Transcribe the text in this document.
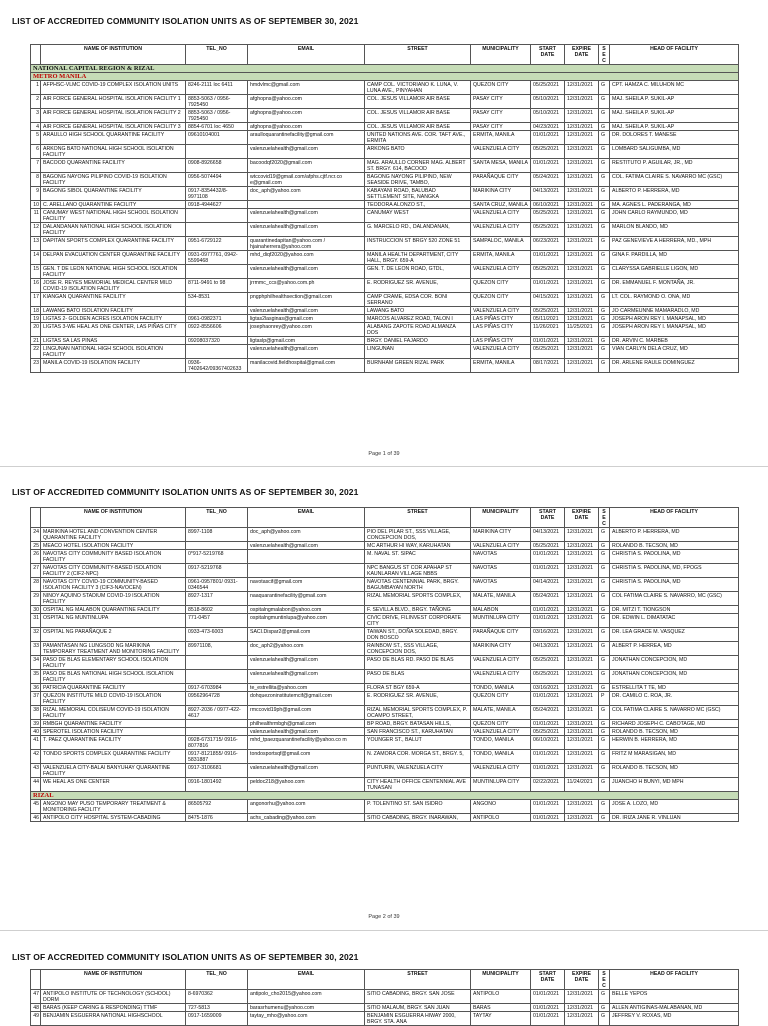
LIST OF ACCREDITED COMMUNITY ISOLATION UNITS AS OF SEPTEMBER 30, 2021
	NAME OF INSTITUTION	TEL_NO	EMAIL	STREET	MUNICIPALITY	START DATE	EXPIRE DATE	SEC	HEAD OF FACILITY
NATIONAL CAPITAL REGION & RIZAL									
METRO MANILA									
1	AFPHSC-VLMC COVID-19 COMPLEX ISOLATION UNITS	8246-2111 loc 6411	hmdvlmc@gmail.com	CAMP COL. VICTORIANO K. LUNA, V. LUNA AVE., PINYAHAN	QUEZON CITY	05/25/2021	12/31/2021	G	CPT. HAMZA C. MILUHON MC
2	AIR FORCE GENERAL HOSPITAL ISOLATION FACILITY 1	8853-5063 / 0956-7925450	afghopns@yahoo.com	COL. JESUS VILLAMOR AIR BASE	PASAY CITY	05/10/2021	12/31/2021	G	MAJ. SHEILA P. SUKIL-AP
3	AIR FORCE GENERAL HOSPITAL ISOLATION FACILITY 2	8853-5063 / 0956-7925450	afghopns@yahoo.com	COL. JESUS VILLAMOR AIR BASE	PASAY CITY	05/10/2021	12/31/2021	G	MAJ. SHEILA P. SUKIL-AP
4	AIR FORCE GENERAL HOSPITAL ISOLATION FACILITY 3	8854-6701 loc 4650	afghopns@yahoo.com	COL. JESUS VILLAMOR AIR BASE	PASAY CITY	04/23/2021	12/31/2021	G	MAJ. SHEILA P. SUKIL-AP
5	ARAULLO HIGH SCHOOL QUARANTINE FACILITY	09610104001	araulloquarantinefacility@gmail.com	UNITED NATIONS AVE. COR. TAFT AVE., ERMITA	ERMITA, MANILA	01/01/2021	12/31/2021	G	DR. DOLORES T. MANESE
6	ARKONG BATO NATIONAL HIGH SCHOOL ISOLATION FACILITY		valenzuelahealth@gmail.com	ARKONG BATO	VALENZUELA CITY	05/25/2021	12/31/2021	G	LOMBARD SALIGUMBA, MD
7	BACOOD QUARANTINE FACILITY	0908-8926658	bacoodqf2020@gmail.com	MAG. ARAULLO CORNER MAG. ALBERT ST. BRGY. 614, BACOOD	SANTA MESA, MANILA	01/01/2021	12/31/2021	G	RESTITUTO P. AGUILAR, JR., MD
8	BAGONG NAYONG PILIPINO COVID-19 ISOLATION FACILITY	0956-5074494	wtccovid19@gmail.com/afphs.cjtf.ncr.co e@gmail.com	BAGONG NAYONG PILIPINO, NEW SEASIDE DRIVE, TAMBO,	PARAÑAQUE CITY	05/24/2021	12/31/2021	G	COL. FATIMA CLAIRE S. NAVARRO MC (GSC)
9	BAGONG SIBOL QUARANTINE FACILITY	0917-8354432/8-9971108	doc_aph@yahoo.com	KABAYANI ROAD, BALUBAD SETTLEMENT SITE, NANGKA	MARIKINA CITY	04/13/2021	12/31/2021	G	ALBERTO P. HERRERA, MD
10	C. ARELLANO QUARANTINE FACILITY	0918-4944627		TEODORA ALONZO ST.,	SANTA CRUZ, MANILA	06/10/2021	12/31/2021	G	MA. AGNES L. PADERANGA, MD
11	CANUMAY WEST NATIONAL HIGH SCHOOL ISOLATION FACILITY		valenzuelahealth@gmail.com	CANUMAY WEST	VALENZUELA CITY	05/25/2021	12/31/2021	G	JOHN CARLO RAYMUNDO, MD
12	DALANDANAN NATIONAL HIGH SCHOOL ISOLATION FACILITY		valenzuelahealth@gmail.com	G. MARCELO RD., DALANDANAN,	VALENZUELA CITY	05/25/2021	12/31/2021	G	MARLON BLANDO, MD
13	DAPITAN SPORTS COMPLEX QUARANTINE FACILITY	0951-6729122	quarantinedapitan@yahoo.com / hjainaherrera@yahoo.com	INSTRUCCION ST BRGY 520 ZONE 51	SAMPALOC, MANILA	06/23/2021	12/31/2021	G	PAZ GENEVIEVE A HERRERA, MD., MPH
14	DELPAN EVACUATION CENTER QUARANTINE FACILITY	0931-0977761, 0942-5599468	mhd_diqf2020@yahoo.com	MANILA HEALTH DEPARTMENT, CITY HALL, BRGY. 659-A	ERMITA, MANILA	01/01/2021	12/31/2021	G	GINA F. PARDILLA, MD
15	GEN. T DE LEON NATIONAL HIGH SCHOOL ISOLATION FACILITY		valenzuelahealth@gmail.com	GEN. T. DE LEON ROAD, GTDL,	VALENZUELA CITY	05/25/2021	12/31/2021	G	CLARYSSA GABRIELLE LIGON, MD
16	JOSE R. REYES MEMORIAL MEDICAL CENTER MILD COVID-19 ISOLATION FACILITY	8711-9491 to 98	jrrmmc_ccs@yahoo.com.ph	E. RODRIGUEZ SR. AVENUE,	QUEZON CITY	01/01/2021	12/31/2021	G	DR. EMMANUEL F. MONTAÑA, JR.
17	KIANGAN QUARANTINE FACILITY	534-8531	pngphphilhealthsection@gmail.com	CAMP CRAME, EDSA COR. BONI SERRANO	QUEZON CITY	04/15/2021	12/31/2021	G	LT. COL. RAYMOND O. ONA, MD
18	LAWANG BATO ISOLATION FACILITY		valenzuelahealth@gmail.com	LAWANG BATO	VALENZUELA CITY	05/25/2021	12/31/2021	G	JO CARMEUNNE MAMARADLO, MD
19	LIGTAS 2- GOLDEN ACRES ISOLATION FACILITY	0961-0982371	ligtas2lasginas@gmail.com	MARCOS ALVAREZ ROAD, TALON I	LAS PIÑAS CITY	05/11/2021	12/31/2021	G	JOSEPH ARON REY I. MANAPSAL, MD
20	LIGTAS 3-WE HEAL AS ONE CENTER, LAS PIÑAS CITY	0922-8556606	josephaonrey@yahoo.com	ALABANG ZAPOTE ROAD ALMANZA DOS	LAS PIÑAS CITY	11/26/2021	11/25/2021	G	JOSEPH ARON REY I. MANAPSAL, MD
21	LIGTAS SA LAS PINAS	09208037320	ligtaslp@gmail.com	BRGY. DANIEL FAJARDO	LAS PIÑAS CITY	01/01/2021	12/31/2021	G	DR. ARVIN C. MARBEB
22	LINGUNAN NATIONAL HIGH SCHOOL ISOLATION FACILITY		valenzuelahealth@gmail.com	LINGUNAN	VALENZUELA CITY	05/25/2021	12/31/2021	G	VIAN CARLYN DELA CRUZ, MD
23	MANILA COVID-19 ISOLATION FACILITY	0936-7402642/09367402633	manilacovid.fieldhospital@gmail.com	BURNHAM GREEN RIZAL PARK	ERMITA, MANILA	08/17/2021	12/31/2021	G	DR. ARLENE RAULE DOMINGUEZ
Page 1 of 39
LIST OF ACCREDITED COMMUNITY ISOLATION UNITS AS OF SEPTEMBER 30, 2021
	NAME OF INSTITUTION	TEL_NO	EMAIL	STREET	MUNICIPALITY	START DATE	EXPIRE DATE	SEC	HEAD OF FACILITY
24	MARIKINA HOTEL AND CONVENTION CENTER QUARANTINE FACILITY	8997-1108	doc_aph@yahoo.com	PIO DEL PILAR ST., SSS VILLAGE, CONCEPCION DOS,	MARIKINA CITY	04/13/2021	12/31/2021	G	ALBERTO P. HERRERA, MD
25	MEACO HOTEL ISOLATION FACILITY		valenzuelahealth@gmail.com	MC ARTHUR HI WAY, KARUHATAN	VALENZUELA CITY	05/25/2021	12/31/2021	G	ROLANDO B. TECSON, MD
26	NAVOTAS CITY COMMUNITY BASED ISOLATION FACILITY	0*917-5219768		M. NAVAL ST. SIPAC	NAVOTAS	01/01/2021	12/31/2021	G	CHRISTIA S. PADOLINA, MD
27	NAVOTAS CITY COMMUNITY-BASED ISOLATION FACILITY 2 (CIF2-NPC)	0917-5219768		NPC BANGUS ST COR APAHAP ST KAUNLARAN VILLAGE NBBS	NAVOTAS	01/01/2021	12/31/2021	G	CHRISTIA S. PADOLINA, MD, FPOGS
28	NAVOTAS CITY COVID-19 COMMUNITY-BASED ISOLATION FACILITY 3 (CIF3-NAVOCEN)	0961-0957801/ 0931-0346544	navotascif@gmail.com	NAVOTAS CENTENNIAL PARK, BRGY. BAGUMBAYAN NORTH	NAVOTAS	04/14/2021	12/31/2021	G	CHRISTIA S. PADOLINA, MD
29	NINOY AQUINO STADIUM COVID-19 ISOLATION FACILITY	8927-1317	naaquarantinefacility@gmail.com	RIZAL MEMORIAL SPORTS COMPLEX,	MALATE, MANILA	05/24/2021	12/31/2021	G	COL FATIMA CLAIRE S. NAVARRO, MC (GSC)
30	OSPITAL NG MALABON QUARANTINE FACILITY	8518-8602	ospitalngmalabon@yahoo.com	F. SEVILLA BLVD., BRGY. TAÑONG	MALABON	01/01/2021	12/31/2021	G	DR. MITZI T. TIONGSON
31	OSPITAL NG MUNTINLUPA	771-0457	ospitalngmuntinlupa@yahoo.com	CIVIC DRIVE, FILINVEST CORPORATE CITY	MUNTINLUPA CITY	01/01/2021	12/31/2021	G	DR. EDWIN L. DIMATATAC
32	OSPITAL NG PARAÑAQUE 2	0933-473-6003	SACI.Dispar2@gmail.com	TAIWAN ST., DOÑA SOLEDAD, BRGY. DON BOSCO	PARAÑAQUE CITY	03/16/2021	12/31/2021	G	DR. LEA GRACE M. VASQUEZ
33	PAMANTASAN NG LUNGSOD NG MARIKINA TEMPORARY TREATMENT AND MONITORING FACILITY	89971108,	doc_aph2@yahoo.com	RAINBOW ST., SSS VILLAGE, CONCEPCION DOS,	MARIKINA CITY	04/13/2021	12/31/2021	G	ALBERT P. HERREA, MD
34	PASO DE BLAS ELEMENTARY SCHOOL ISOLATION FACILITY		valenzuelahealth@gmail.com	PASO DE BLAS RD. PASO DE BLAS	VALENZUELA CITY	05/25/2021	12/31/2021	G	JONATHAN CONCEPCION, MD
35	PASO DE BLAS NATIONAL HIGH SCHOOL ISOLATION FACILITY		valenzuelahealth@gmail.com	PASO DE BLAS	VALENZUELA CITY	05/25/2021	12/31/2021	G	JONATHAN CONCEPCION, MD
36	PATRICIA QUARANTINE FACILITY	0917-6703984	te_estrellita@yahoo.com	FLORA ST BGY 659-A	TONDO, MANILA	03/16/2021	12/31/2021	G	ESTRELLITA T TE, MD
37	QUEZON INSTITUTE MILD COVID-19 ISOLATION FACILITY	09562964728	dohquezoninstitutemcif@gmail.com	E. RODRIGUEZ SR. AVENUE,	QUEZON CITY	01/01/2021	12/31/2021	P	DR. CAMILO C. ROA, JR.
38	RIZAL MEMORIAL COLISEUM COVID-19 ISOLATION FACILITY	8927-2036 / 0977-422-4617	rmccovid19ph@gmail.com	RIZAL MEMORIAL SPORTS COMPLEX, P. OCAMPO STREET,	MALATE, MANILA	05/24/2021	12/31/2021	G	COL FATIMA CLAIRE S. NAVARRO MC (GSC)
39	RMBGH QUARANTINE FACILITY		philhealthrmbgh@gmail.com	BP ROAD, BRGY. BATASAN HILLS,	QUEZON CITY	01/01/2021	12/31/2021	G	RICHARD JOSEPH C. CABOTAGE, MD
40	SPEROTEL ISOLATION FACILITY		valenzuelahealth@gmail.com	SAN FRANCISCO ST., KARUHATAN	VALENZUELA CITY	05/25/2021	12/31/2021	G	ROLANDO B. TECSON, MD
41	T. PAEZ QUARANTINE FACILITY	0928-6731715/ 0916-8077816	mhd_tpaezquarantinefacility@yahoo.co m	YOUNGER ST., BALUT	TONDO, MANILA	06/10/2021	12/31/2021	G	HERWIN B. HERRERA, MD
42	TONDO SPORTS COMPLEX QUARANTINE FACILITY	0917-8121855/ 0916-5831887	tondosportsqf@gmail.com	N. ZAMORA COR. MORGA ST., BRGY. 5,	TONDO, MANILA	01/01/2021	12/31/2021	G	FRITZ M MARASIGAN, MD
43	VALENZUELA CITY-BALAI BANYUHAY QUARANTINE FACILITY	0917-3106681	valenzuelahealth@gmail.com	PUNTURIN, VALENZUELA CITY	VALENZUELA CITY	01/01/2021	12/31/2021	G	ROLANDO B. TECSON, MD
44	WE HEAL AS ONE CENTER	0916-1801492	peldoc218@yahoo.com	CITY HEALTH OFFICE CENTENNIAL AVE TUNASAN	MUNTINLUPA CITY	02/22/2021	11/24/2021	G	JUANCHO H BUNYI, MD MPH
RIZAL									
45	ANGONO MAY PUSO TEMPORARY TREATMENT & MONITORING FACILITY	86505792	angonorhu@yahoo.com	P. TOLENTINO ST. SAN ISIDRO	ANGONO	01/01/2021	12/31/2021	G	JOSE A. LOZO, MD
46	ANTIPOLO CITY HOSPITAL SYSTEM-CABADING	8475-1876	achs_cabading@yahoo.com	SITIO CABADING, BRGY. INARAWAN,	ANTIPOLO	01/01/2021	12/31/2021	G	DR. IRIZA JANE R. VINLUAN
Page 2 of 39
LIST OF ACCREDITED COMMUNITY ISOLATION UNITS AS OF SEPTEMBER 30, 2021
	NAME OF INSTITUTION	TEL_NO	EMAIL	STREET	MUNICIPALITY	START DATE	EXPIRE DATE	SEC	HEAD OF FACILITY
47	ANTIPOLO INSTITUTE OF TECHNOLOGY (SCHOOL) DORM	8-6970362	antipolo_cho2015@yahoo.com	SITIO CABADING, BRGY. SAN JOSE	ANTIPOLO	01/01/2021	12/31/2021	G	BELLE YEPOS
48	BARAS (KEEP CARING & RESPONDING) TTMF	727-5813	barasrhumenu@yahoo.com	SITIO MALAUM, BRGY. SAN JUAN	BARAS	01/01/2021	12/31/2021	G	ALLEN ANTIGINAS-MALABANAN, MD
49	BENJAMIN ESGUERRA NATIONAL HIGHSCHOOL	0917-1659009	taytay_mho@yahoo.com	BENJAMIN ESGUERRA HIWAY 2000, BRGY. STA. ANA	TAYTAY	01/01/2021	12/31/2021	G	JEFFREY V. ROXAS, MD
